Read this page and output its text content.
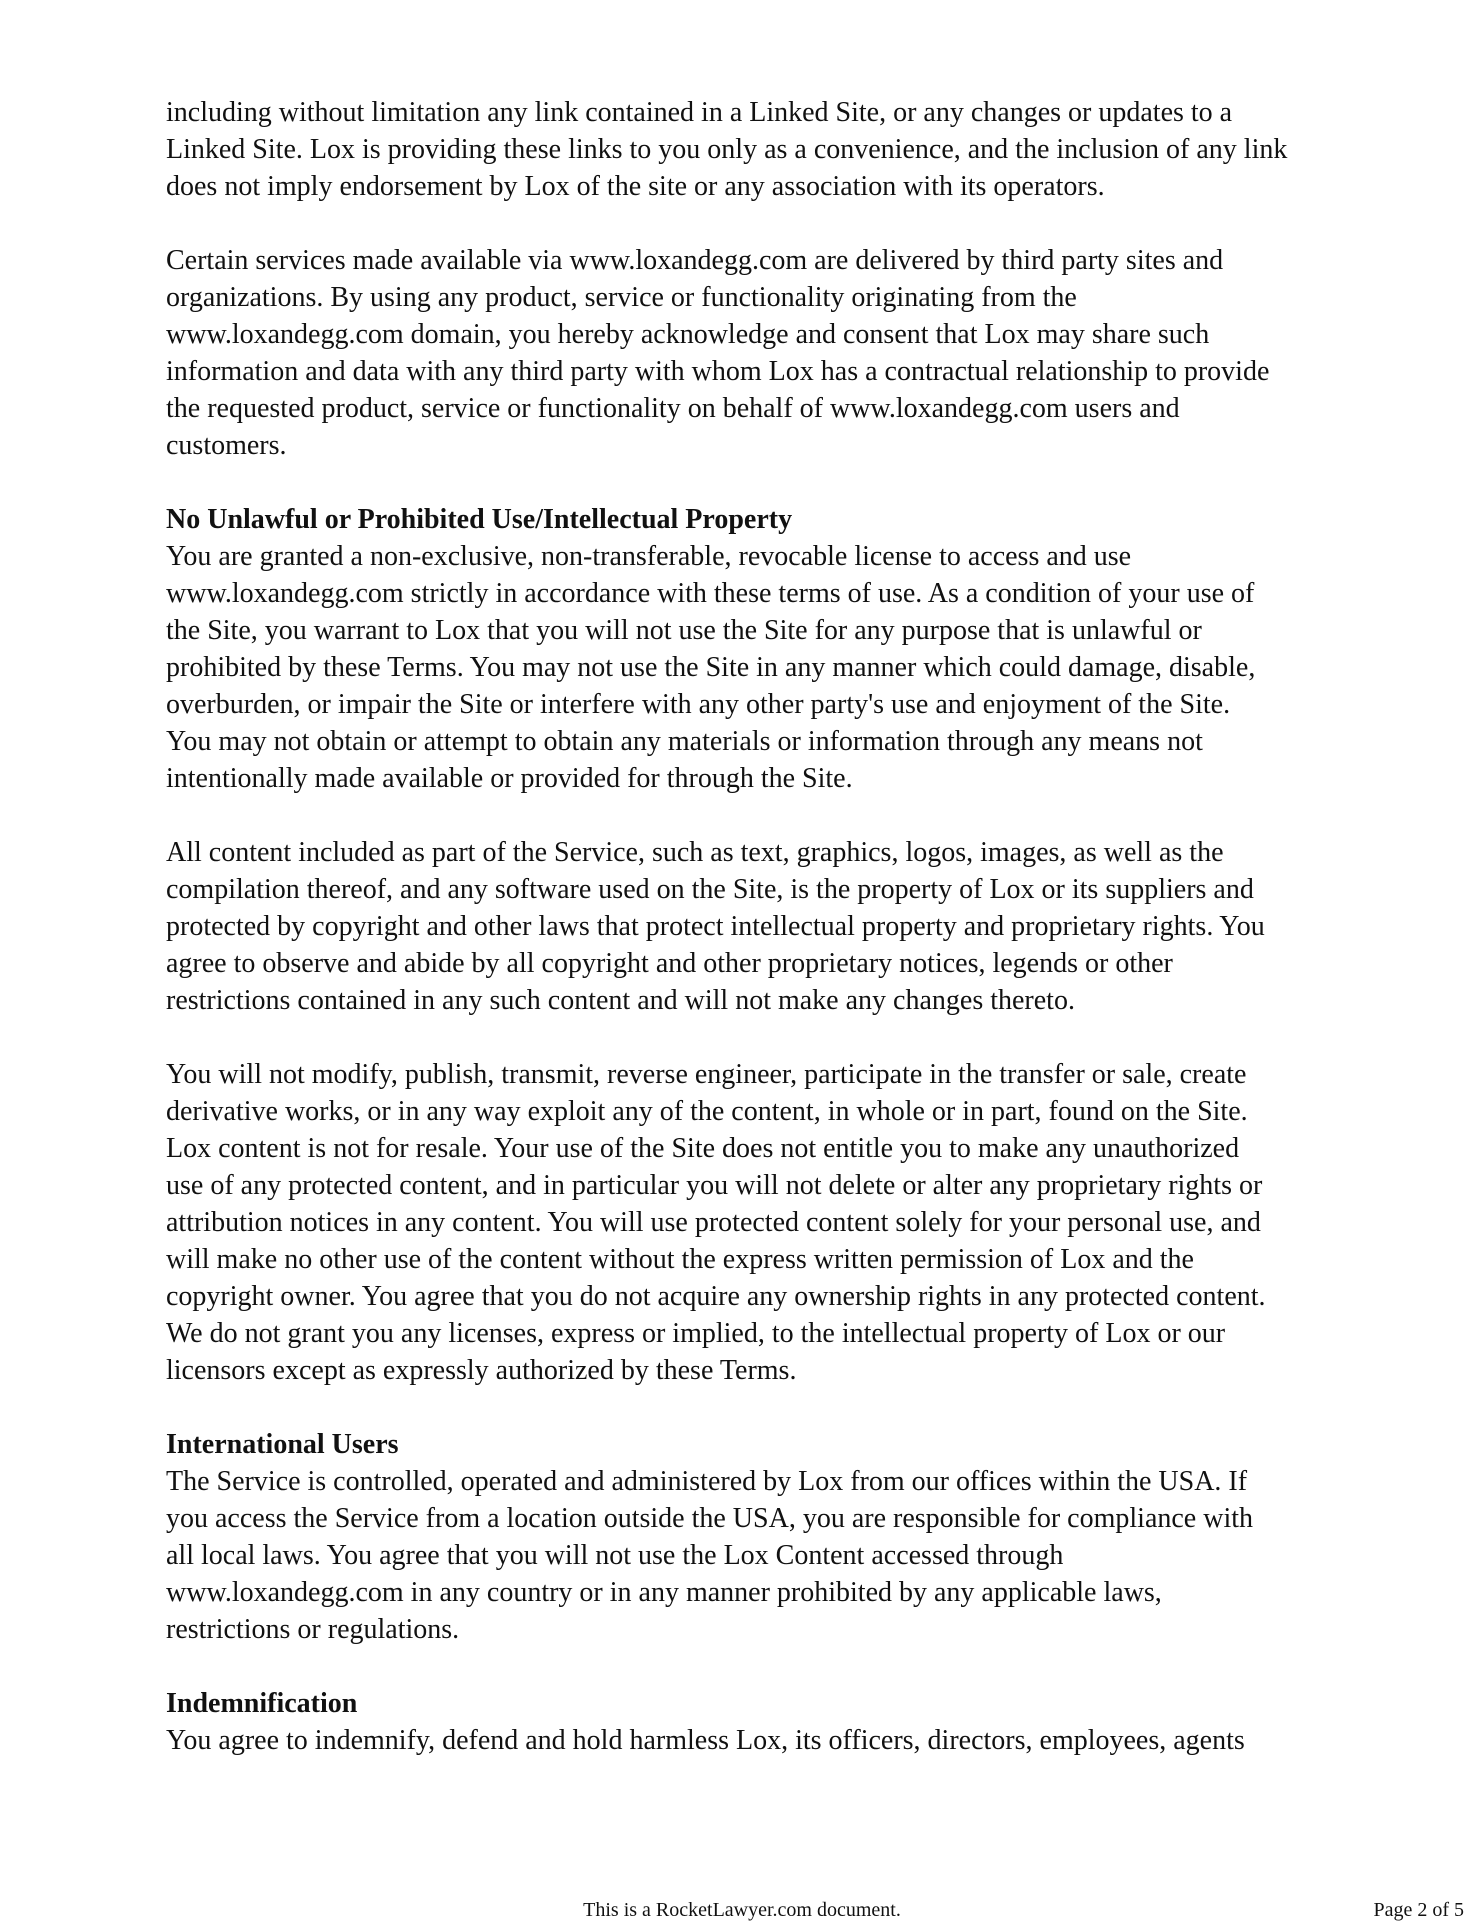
including without limitation any link contained in a Linked Site, or any changes or updates to a
Linked Site. Lox is providing these links to you only as a convenience, and the inclusion of any link
does not imply endorsement by Lox of the site or any association with its operators.

Certain services made available via www.loxandegg.com are delivered by third party sites and
organizations. By using any product, service or functionality originating from the
www.loxandegg.com domain, you hereby acknowledge and consent that Lox may share such
information and data with any third party with whom Lox has a contractual relationship to provide
the requested product, service or functionality on behalf of www.loxandegg.com users and
customers.

No Unlawful or Prohibited Use/Intellectual Property

You are granted a non-exclusive, non-transferable, revocable license to access and use
www.loxandegg.com strictly in accordance with these terms of use. As a condition of your use of
the Site, you warrant to Lox that you will not use the Site for any purpose that is unlawful or
prohibited by these Terms. You may not use the Site in any manner which could damage, disable,
overburden, or impair the Site or interfere with any other party's use and enjoyment of the Site.
You may not obtain or attempt to obtain any materials or information through any means not
intentionally made available or provided for through the Site.

All content included as part of the Service, such as text, graphics, logos, images, as well as the
compilation thereof, and any software used on the Site, is the property of Lox or its suppliers and
protected by copyright and other laws that protect intellectual property and proprietary rights. You
agree to observe and abide by all copyright and other proprietary notices, legends or other
restrictions contained in any such content and will not make any changes thereto.

You will not modify, publish, transmit, reverse engineer, participate in the transfer or sale, create
derivative works, or in any way exploit any of the content, in whole or in part, found on the Site.
Lox content is not for resale. Your use of the Site does not entitle you to make any unauthorized
use of any protected content, and in particular you will not delete or alter any proprietary rights or
attribution notices in any content. You will use protected content solely for your personal use, and
will make no other use of the content without the express written permission of Lox and the
copyright owner. You agree that you do not acquire any ownership rights in any protected content.
We do not grant you any licenses, express or implied, to the intellectual property of Lox or our
licensors except as expressly authorized by these Terms.

International Users

The Service is controlled, operated and administered by Lox from our offices within the USA. If
you access the Service from a location outside the USA, you are responsible for compliance with
all local laws. You agree that you will not use the Lox Content accessed through
www.loxandegg.com in any country or in any manner prohibited by any applicable laws,
restrictions or regulations.

Indemnification

You agree to indemnify, defend and hold harmless Lox, its officers, directors, employees, agents

This is a RocketLawyer.com document.	Page 2 of 5
